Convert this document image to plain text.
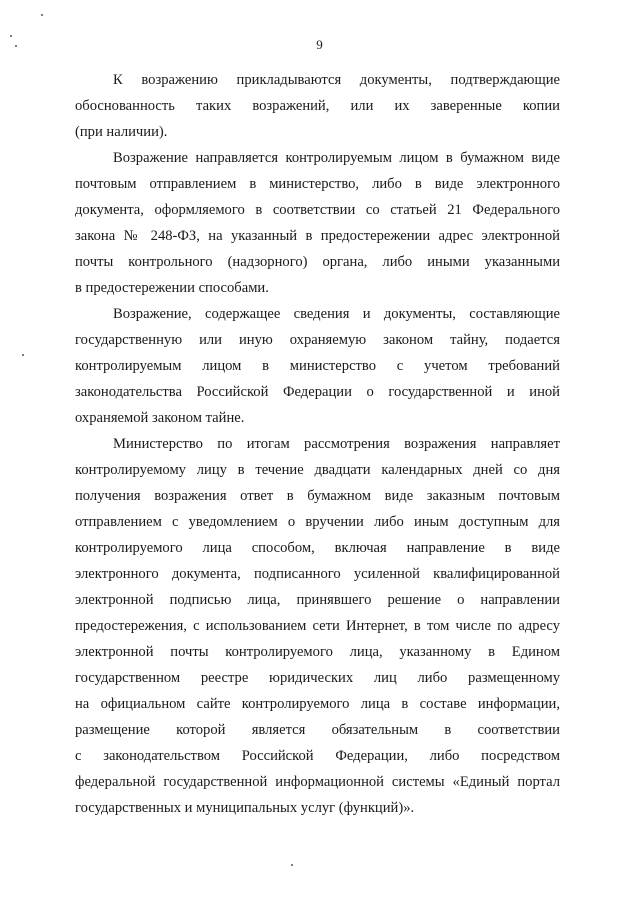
9
К возражению прикладываются документы, подтверждающие
обоснованность таких возражений, или их заверенные копии
(при наличии).
Возражение направляется контролируемым лицом в бумажном виде
почтовым отправлением в министерство, либо в виде электронного
документа, оформляемого в соответствии со статьей 21 Федерального
закона № 248-ФЗ, на указанный в предостережении адрес электронной
почты контрольного (надзорного) органа, либо иными указанными
в предостережении способами.
Возражение, содержащее сведения и документы, составляющие
государственную или иную охраняемую законом тайну, подается
контролируемым лицом в министерство с учетом требований
законодательства Российской Федерации о государственной и иной
охраняемой законом тайне.
Министерство по итогам рассмотрения возражения направляет
контролируемому лицу в течение двадцати календарных дней со дня
получения возражения ответ в бумажном виде заказным почтовым
отправлением с уведомлением о вручении либо иным доступным для
контролируемого лица способом, включая направление в виде
электронного документа, подписанного усиленной квалифицированной
электронной подписью лица, принявшего решение о направлении
предостережения, с использованием сети Интернет, в том числе по адресу
электронной почты контролируемого лица, указанному в Едином
государственном реестре юридических лиц либо размещенному
на официальном сайте контролируемого лица в составе информации,
размещение которой является обязательным в соответствии
с законодательством Российской Федерации, либо посредством
федеральной государственной информационной системы «Единый портал
государственных и муниципальных услуг (функций)».
